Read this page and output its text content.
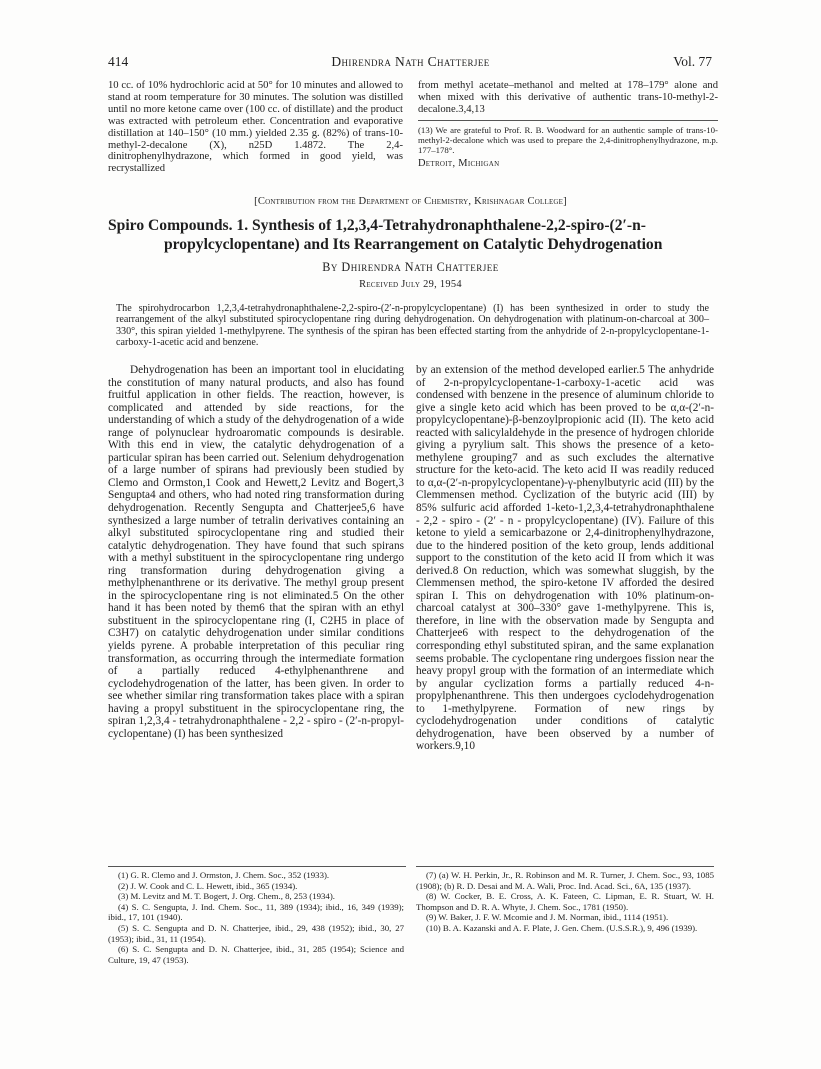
414	Dhirendra Nath Chatterjee	Vol. 77
10 cc. of 10% hydrochloric acid at 50° for 10 minutes and allowed to stand at room temperature for 30 minutes. The solution was distilled until no more ketone came over (100 cc. of distillate) and the product was extracted with petroleum ether. Concentration and evaporative distillation at 140–150° (10 mm.) yielded 2.35 g. (82%) of trans-10-methyl-2-decalone (X), n25D 1.4872. The 2,4-dinitrophenylhydrazone, which formed in good yield, was recrystallized
from methyl acetate–methanol and melted at 178–179° alone and when mixed with this derivative of authentic trans-10-methyl-2-decalone.3,4,13
(13) We are grateful to Prof. R. B. Woodward for an authentic sample of trans-10-methyl-2-decalone which was used to prepare the 2,4-dinitrophenylhydrazone, m.p. 177–178°.
Detroit, Michigan
[Contribution from the Department of Chemistry, Krishnagar College]
Spiro Compounds. 1. Synthesis of 1,2,3,4-Tetrahydronaphthalene-2,2-spiro-(2′-n-
propylcyclopentane) and Its Rearrangement on Catalytic Dehydrogenation
By Dhirendra Nath Chatterjee
Received July 29, 1954
The spirohydrocarbon 1,2,3,4-tetrahydronaphthalene-2,2-spiro-(2′-n-propylcyclopentane) (I) has been synthesized in order to study the rearrangement of the alkyl substituted spirocyclopentane ring during dehydrogenation. On dehydrogenation with platinum-on-charcoal at 300–330°, this spiran yielded 1-methylpyrene. The synthesis of the spiran has been effected starting from the anhydride of 2-n-propylcyclopentane-1-carboxy-1-acetic acid and benzene.

Dehydrogenation has been an important tool in elucidating the constitution of many natural products, and also has found fruitful application in other fields. The reaction, however, is complicated and attended by side reactions, for the understanding of which a study of the dehydrogenation of a wide range of polynuclear hydroaromatic compounds is desirable. With this end in view, the catalytic dehydrogenation of a particular spiran has been carried out. Selenium dehydrogenation of a large number of spirans had previously been studied by Clemo and Ormston,1 Cook and Hewett,2 Levitz and Bogert,3 Sengupta4 and others, who had noted ring transformation during dehydrogenation. Recently Sengupta and Chatterjee5,6 have synthesized a large number of tetralin derivatives containing an alkyl substituted spirocyclopentane ring and studied their catalytic dehydrogenation. They have found that such spirans with a methyl substituent in the spirocyclopentane ring undergo ring transformation during dehydrogenation giving a methylphenanthrene or its derivative. The methyl group present in the spirocyclopentane ring is not eliminated.5 On the other hand it has been noted by them6 that the spiran with an ethyl substituent in the spirocyclopentane ring (I, C2H5 in place of C3H7) on catalytic dehydrogenation under similar conditions yields pyrene. A probable interpretation of this peculiar ring transformation, as occurring through the intermediate formation of a partially reduced 4-ethylphenanthrene and cyclodehydrogenation of the latter, has been given. In order to see whether similar ring transformation takes place with a spiran having a propyl substituent in the spirocyclopentane ring, the spiran 1,2,3,4 - tetrahydronaphthalene - 2,2 - spiro - (2′-n-propyl-cyclopentane) (I) has been synthesized

by an extension of the method developed earlier.5 The anhydride of 2-n-propylcyclopentane-1-carboxy-1-acetic acid was condensed with benzene in the presence of aluminum chloride to give a single keto acid which has been proved to be α,α-(2′-n-propylcyclopentane)-β-benzoylpropionic acid (II). The keto acid reacted with salicylaldehyde in the presence of hydrogen chloride giving a pyrylium salt. This shows the presence of a keto-methylene grouping7 and as such excludes the alternative structure for the keto-acid. The keto acid II was readily reduced to α,α-(2′-n-propylcyclopentane)-γ-phenylbutyric acid (III) by the Clemmensen method. Cyclization of the butyric acid (III) by 85% sulfuric acid afforded 1-keto-1,2,3,4-tetrahydronaphthalene - 2,2 - spiro - (2′ - n - propylcyclopentane) (IV). Failure of this ketone to yield a semicarbazone or 2,4-dinitrophenylhydrazone, due to the hindered position of the keto group, lends additional support to the constitution of the keto acid II from which it was derived.8 On reduction, which was somewhat sluggish, by the Clemmensen method, the spiro-ketone IV afforded the desired spiran I. This on dehydrogenation with 10% platinum-on-charcoal catalyst at 300–330° gave 1-methylpyrene. This is, therefore, in line with the observation made by Sengupta and Chatterjee6 with respect to the dehydrogenation of the corresponding ethyl substituted spiran, and the same explanation seems probable. The cyclopentane ring undergoes fission near the heavy propyl group with the formation of an intermediate which by angular cyclization forms a partially reduced 4-n-propylphenanthrene. This then undergoes cyclodehydrogenation to 1-methylpyrene. Formation of new rings by cyclodehydrogenation under conditions of catalytic dehydrogenation, have been observed by a number of workers.9,10

(1) G. R. Clemo and J. Ormston, J. Chem. Soc., 352 (1933).
(2) J. W. Cook and C. L. Hewett, ibid., 365 (1934).
(3) M. Levitz and M. T. Bogert, J. Org. Chem., 8, 253 (1934).
(4) S. C. Sengupta, J. Ind. Chem. Soc., 11, 389 (1934); ibid., 16, 349 (1939); ibid., 17, 101 (1940).
(5) S. C. Sengupta and D. N. Chatterjee, ibid., 29, 438 (1952); ibid., 30, 27 (1953); ibid., 31, 11 (1954).
(6) S. C. Sengupta and D. N. Chatterjee, ibid., 31, 285 (1954); Science and Culture, 19, 47 (1953).
(7) (a) W. H. Perkin, Jr., R. Robinson and M. R. Turner, J. Chem. Soc., 93, 1085 (1908); (b) R. D. Desai and M. A. Wali, Proc. Ind. Acad. Sci., 6A, 135 (1937).
(8) W. Cocker, B. E. Cross, A. K. Fateen, C. Lipman, E. R. Stuart, W. H. Thompson and D. R. A. Whyte, J. Chem. Soc., 1781 (1950).
(9) W. Baker, J. F. W. Mcomie and J. M. Norman, ibid., 1114 (1951).
(10) B. A. Kazanski and A. F. Plate, J. Gen. Chem. (U.S.S.R.), 9, 496 (1939).
